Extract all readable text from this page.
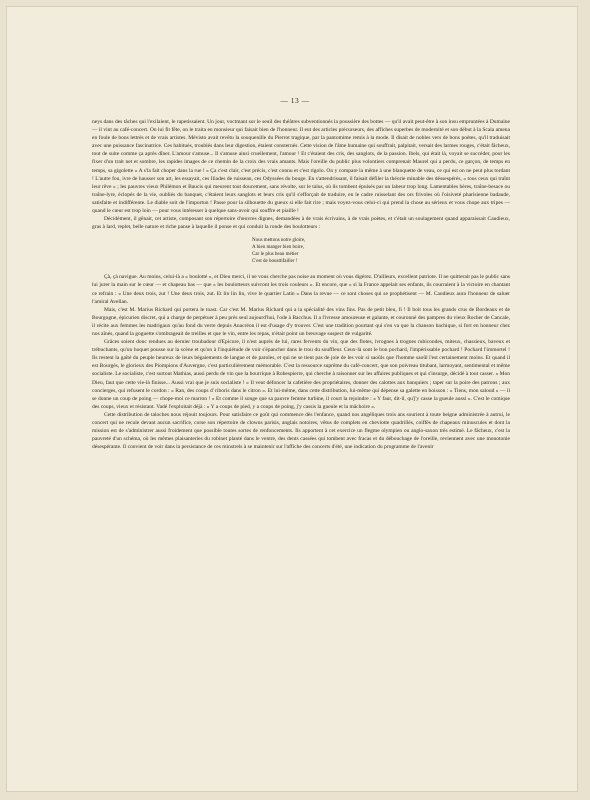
— 13 —

neys dans des tâches qui l'exilaient, le rapetissaient. Un jour, voctmant sur le seuil des théâtres subventionnés la poussière des bottes — qu'il avait peut-être à son insu empruntées à Dumaine — il vint au café-concert. On lui fit fête, on le traita en monsieur qui faisait bien de l'honneur. Il eut des articles précurseurs, des affiches superbes de modernité et son début à la Scala amena en foule de bons lettrés et de vrais artistes. Mévisto avait revêtu la souquenille du Pierrot tragique, par la pantomime remis à la mode. Il disait de nobles vers de bons poètes, qu'il traduisait avec une puissance fascinatrice. Ces habitués, troublés dans leur digestion, étaient consternés. Cette vision de l'âme humaine qui souffrait, palpitait, versait des larmes rouges, c'était fâcheux, tout de suite comme ça après dîner. L'amour s'amuse... Il s'amuse ainsi cruellement, l'amour ! Et c'étaient des cris, des sanglots, de la passion. Ibels, qui était là, voyait se succéder, pour les fixer d'un trait net et sombre, les rapides images de ce chemin de la croix des vrais amants. Mais l'oreille du public plus volontiers comprenait Maurel qui a perdu, ce garçon, de temps en temps, sa gigolette « A s'la fait choper dans la rue ! » Ça c'est clair, c'est précis, c'est connu et c'est rigolo. On y compare la même à une blanquette de veau, ce qui est on ne peut plus tordant ! L'autre fou, ivre de hausser son art, les essayait, ces Iliades de ruisseau, ces Odyssées du bouge. En s'attendrissant, il faisait défiler la théorie minable des déssespérés, « tous ceux qui traînt leur rêve » ; les pauvres vieux Philémon et Baucis qui meurent tout doucement, sans révolte, sur le talus, où ils tombent épuisés par un labeur trop long. Lamentables hères, traîne-besace ou traîne-lyre, éclopés de la vie, oubliés du banquet, c'étaient leurs sanglots et leurs cris qu'il s'efforçait de traduire, en le cadre ruisselant des ors frivoles où l'oisiveté pharisienne badaude, satisfaite et indifférente. Le diable soit de l'importun ! Passe pour la silhouette du gueux si elle fait rire ; mais voyez-vous celui-ci qui prend la chose au sérieux et vous chope aux tripes — quand le cœur est trop loin — pour vous intéresser à quelque sans-avoir qui souffre et piaille !

Décidément, il gênait, cet artiste, composant son répertoire d'œuvres dignes, demandées à de vrais écrivains, à de vrais poètes, et c'était un soulagement quand apparaissait Caudieux, gras à lard, replet, belle nature et riche panse à laquelle il ponse et qui conduit la ronde des boulotteurs :

Nous mettons notre gloire,
A bien manger bien boire,
Car le plus beau métier
C'est de bousttifailler !

Çà, çà navigue. Au moins, celui-là a « boulotté », et Dieu merci, il ne vous cherche pas noise au moment où vous digérez. D'ailleurs, excellent patriote. Il ne quitterait pas le public sans lui jurer la main sur le cœur — et chapeau bas — que « les boulotteurs suivront les trois couleurs ». Et encore, que « si la France appelait ses enfants, ils courraient à la victoire en chantant ce refrain : « Une deux trois, zut ! Une deux trois, zut. Et lin lin lin, vive le quartier Latin » Dans la revue — ce sont choses qui se prophétisent — M. Caudieux aura l'honneur de saluer l'amiral Avellan.

Mais, c'est M. Marius Richard qui portera le toast. Car c'est M. Marius Richard qui a la spécialité des vins fins. Pas de petit bleu, fi ! Il boit tous les grands crus de Bordeaux et de Bourgogne, épicurien discret, qui a charge de perpétuer à peu près seul aujourd'hui, l'ode à Bacchus. Il a l'ivresse amoureuse et galante, et couronné des pampres du vieux Rocher de Cancale, il récite aux femmes les madrigaux qu'au fond du verre depuis Anacréon il est d'usage d'y trouver. C'est une tradition pourtant qui s'en va que la chanson bachique, si fort en honneur chez nos aînés, quand la goguette s'ombrageait de treilles et que le vin, entre les repas, n'était point un breuvage suspect de vulgarité.

Grâces soient donc rendues au dernier troubadour d'Epicure, il n'est auprès de lui, rares fervents du vin, que des flotes, ivrognes à trognes rubicondes, miteux, chassieux, baveux et trébuchants, qu'un hoquet pousse sur la scène et qu'on à l'inquiétude de voir s'épancher dans le trou du souffleur. Ceux-là sont le bon pochard, l'impérissable pochard ! Pochard l'immortel ! Ils restent la gaîté du peuple heureux de leurs bégaiements de langue et de paroles, et qui ne se tient pas de joie de les voir si saoûls que l'homme saoûl l'est certainement moins. Et quand il est Bourgès, le glorieux des Piompions d'Auvergne, c'est particulièrement mémorable. C'est la ressource suprême du café-concert, que son poivreau titubant, larmoyant, sentimental et même socialiste. Le socialiste, c'est surtout Mathias, aussi perdu de vin que la bourrique à Robespierre, qui cherche à raisonner sur les affaires publiques et qui s'insurge, décidé à tout casser. « Mon Dieu, faut que cette vie-là finisse... Aussi vrai que je suis socialiste ! » Il veut défoncer la cafetière des propriétaires, donner des calottes aux banquiers ; taper sur la poire des patrons ; aux concierges, qui refusent le cordon : « Ran, des coups d' riboris dans le citron ». Et lui-même, dans cette distribution, lui-même qui dépense sa galette en boisson : « Tiens, mon saloud » — il se donne un coup de poing — chope-moi ce marron ! » Et comme il songe que sa pauvre femme turbine, il court la rejoindre : « Y faut, dit-il, qu'j'y casse la gueule aussi ». C'est le comique des coups, vieux et résistant. Vadé l'exploitait déjà : « Y a coups de pied, y a coups de poing, j'y cassis la gueule et la mâchoire ».

Cette distribution de taloches nous réjouit toujours. Pour satisfaire ce goût qui commence dès l'enfance, quand nos angéliques trois ans sourient à toute beigne administrée à autrui, le concert qui ne recule devant aucun sacrifice, corse son répertoire de clowns parisis, anglais notoires, vêtus de complets en cheviotte quadrillés, coiffés de chapeaux minuscules et dont la mission est de s'administrer aussi froidement que possible toutes sortes de renfoncements. Ils apportent à cet exercice un flegme olympien ou anglo-saxon très estimé. Le fâcheux, c'est la pauvreté d'un schéma, où les mêmes plaisanteries du robinet planté dans le ventre, des dents cassées qui tombent avec fracas et du débouchage de l'oreille, reviennent avec une monotonie désespérante. Il convient de voir dans la persistance de ces minstrels à se maintenir sur l'affiche des concerts d'été, une indication du programme de l'avenir
